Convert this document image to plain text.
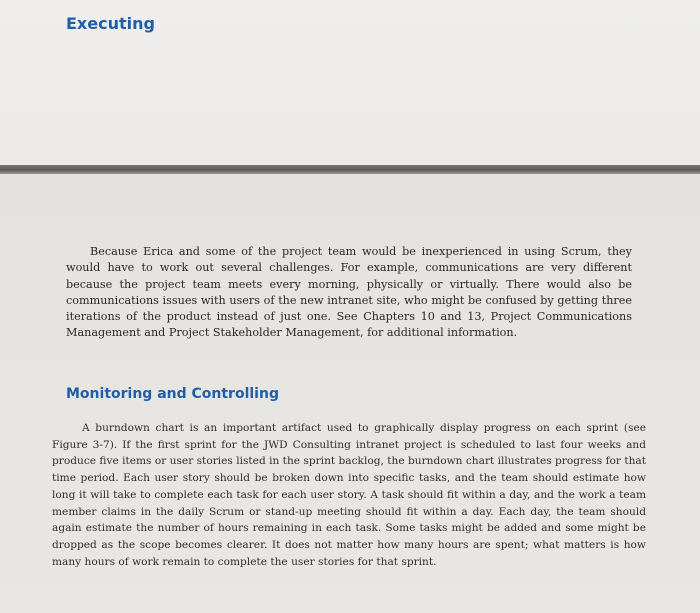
Executing

Because Erica and some of the project team would be inexperienced in using Scrum, they would have to work out several challenges. For example, communications are very different because the project team meets every morning, physically or virtually. There would also be communications issues with users of the new intranet site, who might be confused by getting three iterations of the product instead of just one. See Chapters 10 and 13, Project Communications Management and Project Stakeholder Management, for additional information.

Monitoring and Controlling

A burndown chart is an important artifact used to graphically display progress on each sprint (see Figure 3-7). If the first sprint for the JWD Consulting intranet project is scheduled to last four weeks and produce five items or user stories listed in the sprint backlog, the burndown chart illustrates progress for that time period. Each user story should be broken down into specific tasks, and the team should estimate how long it will take to complete each task for each user story. A task should fit within a day, and the work a team member claims in the daily Scrum or stand-up meeting should fit within a day. Each day, the team should again estimate the number of hours remaining in each task. Some tasks might be added and some might be dropped as the scope becomes clearer. It does not matter how many hours are spent; what matters is how many hours of work remain to complete the user stories for that sprint.
